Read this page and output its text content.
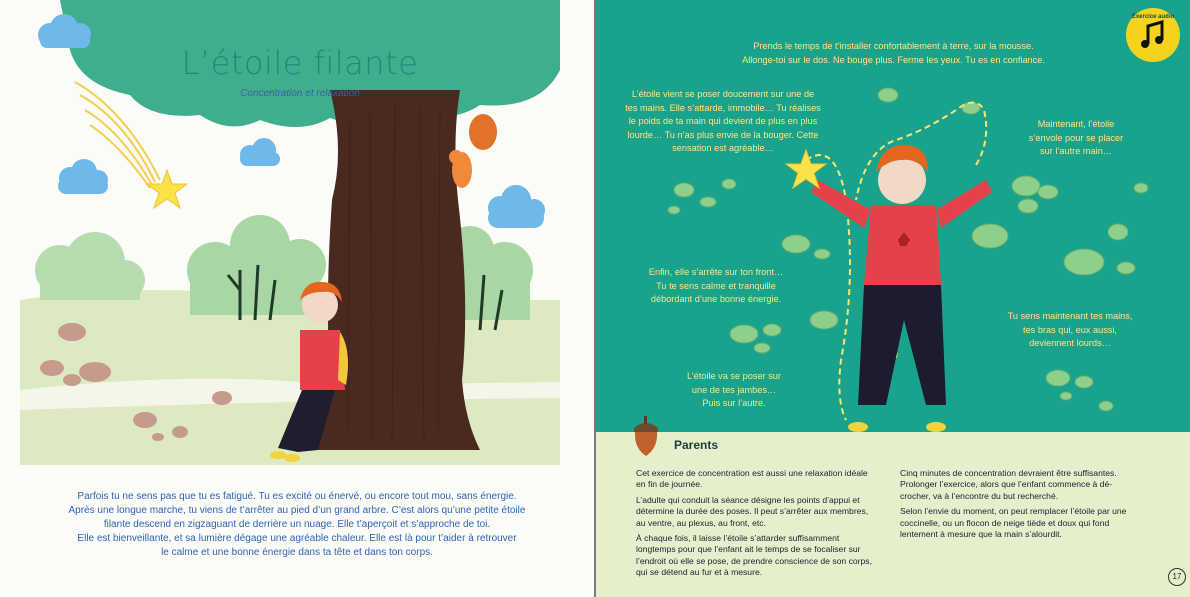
L’étoile filante
Concentration et relaxation

Parfois tu ne sens pas que tu es fatigué. Tu es excité ou énervé, ou encore tout mou, sans énergie.

Après une longue marche, tu viens de t’arrêter au pied d’un grand arbre. C’est alors qu’une petite étoile

filante descend en zigzaguant de derrière un nuage. Elle t’aperçoit et s’approche de toi.

Elle est bienveillante, et sa lumière dégage une agréable chaleur. Elle est là pour t’aider à retrouver

le calme et une bonne énergie dans ta tête et dans ton corps.

Exercice audio
Prends le temps de t’installer confortablement à terre, sur la mousse.
Allonge-toi sur le dos. Ne bouge plus. Ferme les yeux. Tu es en confiance.
L’étoile vient se poser doucement sur une de
tes mains. Elle s’attarde, immobile… Tu réalises
le poids de ta main qui devient de plus en plus
lourde… Tu n’as plus envie de la bouger. Cette
sensation est agréable…
Maintenant, l’étoile
s’envole pour se placer
sur l’autre main…
Enfin, elle s’arrête sur ton front…
Tu te sens calme et tranquille
débordant d’une bonne énergie.
Tu sens maintenant tes mains,
tes bras qui, eux aussi,
deviennent lourds…
L’étoile va se poser sur
une de tes jambes…
Puis sur l’autre.
Parents

Cet exercice de concentration est aussi une relaxation idéale en fin de journée.

L’adulte qui conduit la séance désigne les points d’appui et détermine la durée des poses. Il peut s’arrêter aux membres, au ventre, au plexus, au front, etc.

À chaque fois, il laisse l’étoile s’attarder suffisamment longtemps pour que l’enfant ait le temps de se focaliser sur l’endroit où elle se pose, de prendre conscience de son corps, qui se détend au fur et à mesure.

Cinq minutes de concentration devraient être suffisantes. Prolonger l’exercice, alors que l’enfant commence à dé-crocher, va à l’encontre du but recherché.

Selon l’envie du moment, on peut remplacer l’étoile par une coccinelle, ou un flocon de neige tiède et doux qui fond lentement à mesure que la main s’alourdit.

17
